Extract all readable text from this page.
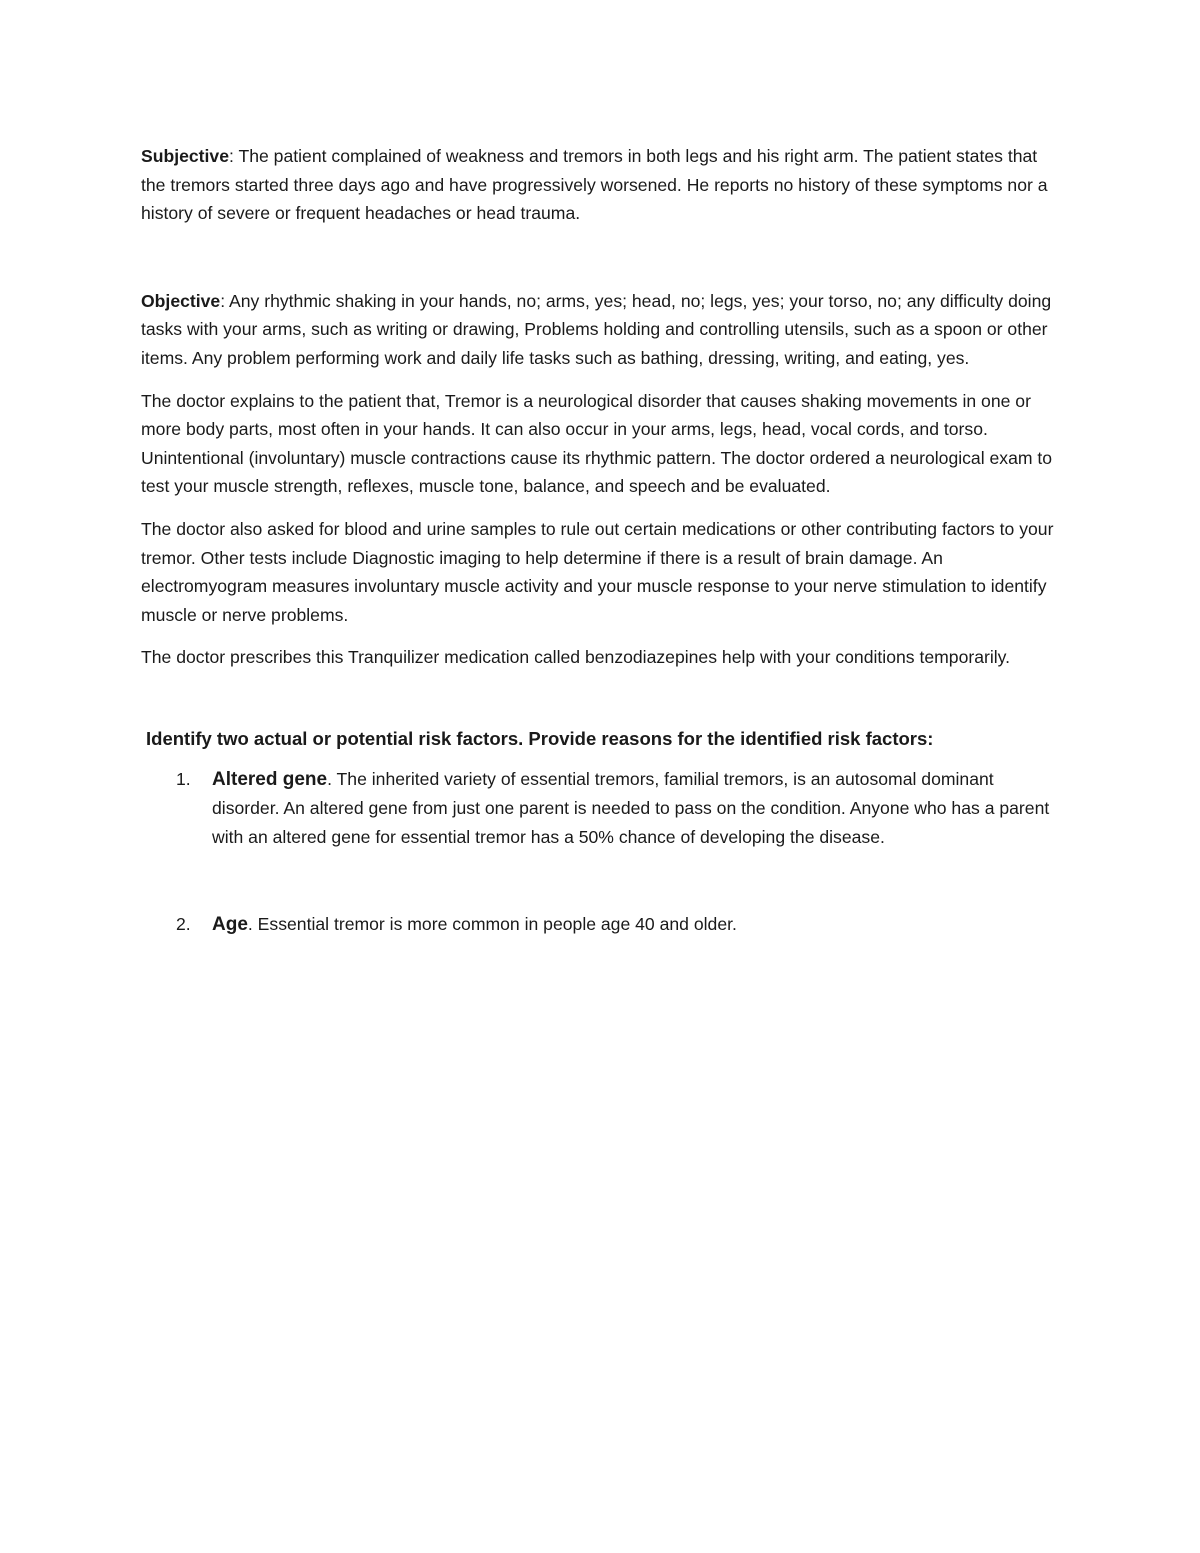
Subjective: The patient complained of weakness and tremors in both legs and his right arm. The patient states that the tremors started three days ago and have progressively worsened. He reports no history of these symptoms nor a history of severe or frequent headaches or head trauma.

Objective: Any rhythmic shaking in your hands, no; arms, yes; head, no; legs, yes; your torso, no; any difficulty doing tasks with your arms, such as writing or drawing, Problems holding and controlling utensils, such as a spoon or other items. Any problem performing work and daily life tasks such as bathing, dressing, writing, and eating, yes.

The doctor explains to the patient that, Tremor is a neurological disorder that causes shaking movements in one or more body parts, most often in your hands. It can also occur in your arms, legs, head, vocal cords, and torso. Unintentional (involuntary) muscle contractions cause its rhythmic pattern. The doctor ordered a neurological exam to test your muscle strength, reflexes, muscle tone, balance, and speech and be evaluated.

The doctor also asked for blood and urine samples to rule out certain medications or other contributing factors to your tremor. Other tests include Diagnostic imaging to help determine if there is a result of brain damage. An electromyogram measures involuntary muscle activity and your muscle response to your nerve stimulation to identify muscle or nerve problems.

The doctor prescribes this Tranquilizer medication called benzodiazepines help with your conditions temporarily.

Identify two actual or potential risk factors. Provide reasons for the identified risk factors:

1. Altered gene. The inherited variety of essential tremors, familial tremors, is an autosomal dominant disorder. An altered gene from just one parent is needed to pass on the condition. Anyone who has a parent with an altered gene for essential tremor has a 50% chance of developing the disease.
2. Age. Essential tremor is more common in people age 40 and older.
